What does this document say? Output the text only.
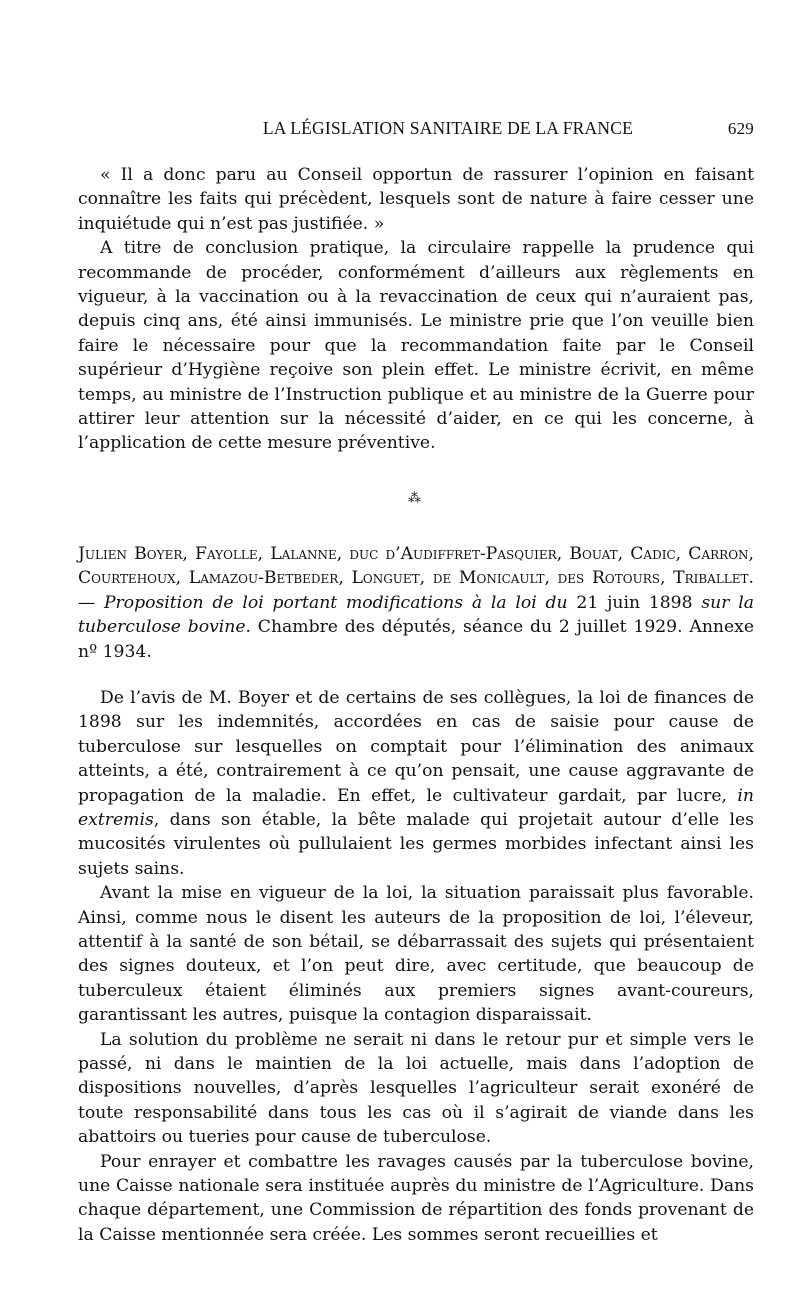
LA LÉGISLATION SANITAIRE DE LA FRANCE	629

« Il a donc paru au Conseil opportun de rassurer l’opinion en faisant connaître les faits qui précèdent, lesquels sont de nature à faire cesser une inquiétude qui n’est pas justifiée. »

A titre de conclusion pratique, la circulaire rappelle la prudence qui recommande de procéder, conformément d’ailleurs aux règlements en vigueur, à la vaccination ou à la revaccination de ceux qui n’auraient pas, depuis cinq ans, été ainsi immunisés. Le ministre prie que l’on veuille bien faire le nécessaire pour que la recommandation faite par le Conseil supérieur d’Hygiène reçoive son plein effet. Le ministre écrivit, en même temps, au ministre de l’Instruction publique et au ministre de la Guerre pour attirer leur attention sur la nécessité d’aider, en ce qui les concerne, à l’application de cette mesure préventive.

⁂
Julien Boyer, Fayolle, Lalanne, duc d’Audiffret-Pasquier, Bouat, Cadic, Carron, Courtehoux, Lamazou-Betbeder, Longuet, de Monicault, des Rotours, Triballet. — Proposition de loi portant modifications à la loi du 21 juin 1898 sur la tuberculose bovine. Chambre des députés, séance du 2 juillet 1929. Annexe nº 1934.

De l’avis de M. Boyer et de certains de ses collègues, la loi de finances de 1898 sur les indemnités, accordées en cas de saisie pour cause de tuberculose sur lesquelles on comptait pour l’élimination des animaux atteints, a été, contrairement à ce qu’on pensait, une cause aggravante de propagation de la maladie. En effet, le cultivateur gardait, par lucre, in extremis, dans son étable, la bête malade qui projetait autour d’elle les mucosités virulentes où pullulaient les germes morbides infectant ainsi les sujets sains.

Avant la mise en vigueur de la loi, la situation paraissait plus favorable. Ainsi, comme nous le disent les auteurs de la proposition de loi, l’éleveur, attentif à la santé de son bétail, se débarrassait des sujets qui présentaient des signes douteux, et l’on peut dire, avec certitude, que beaucoup de tuberculeux étaient éliminés aux premiers signes avant-coureurs, garantissant les autres, puisque la contagion disparaissait.

La solution du problème ne serait ni dans le retour pur et simple vers le passé, ni dans le maintien de la loi actuelle, mais dans l’adoption de dispositions nouvelles, d’après lesquelles l’agriculteur serait exonéré de toute responsabilité dans tous les cas où il s’agirait de viande dans les abattoirs ou tueries pour cause de tuberculose.

Pour enrayer et combattre les ravages causés par la tuberculose bovine, une Caisse nationale sera instituée auprès du ministre de l’Agriculture. Dans chaque département, une Commission de répartition des fonds provenant de la Caisse mentionnée sera créée. Les sommes seront recueillies et
